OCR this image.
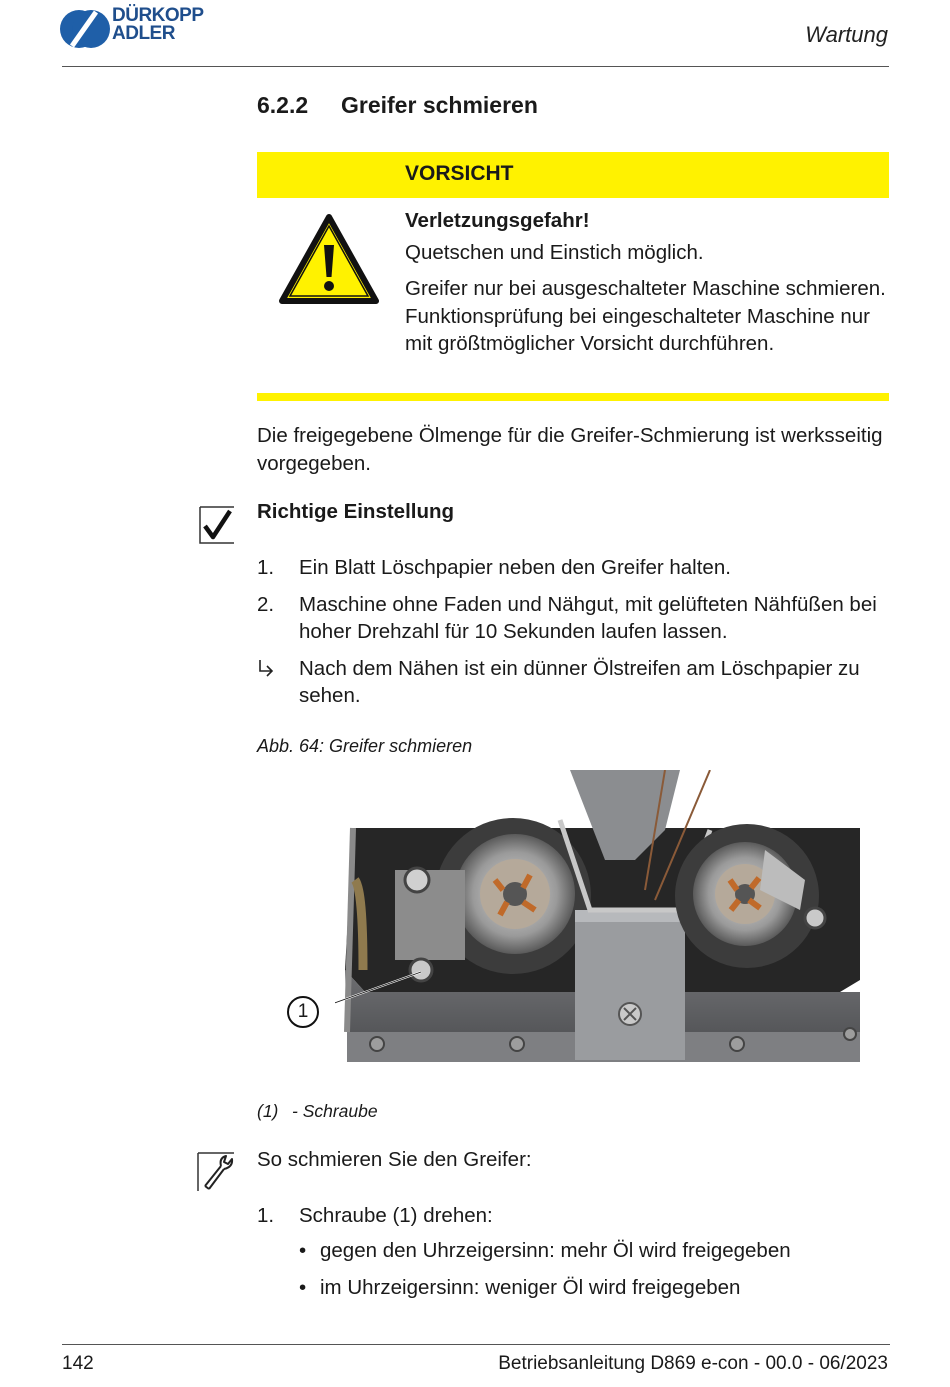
DÜRKOPP
ADLER	Wartung
6.2.2 Greifer schmieren
VORSICHT

Verletzungsgefahr!

Quetschen und Einstich möglich.

Greifer nur bei ausgeschalteter Maschine schmieren. Funktionsprüfung bei eingeschalteter Maschine nur mit größtmöglicher Vorsicht durchführen.

Die freigegebene Ölmenge für die Greifer-Schmierung ist werksseitig vorgegeben.
Richtige Einstellung
1. Ein Blatt Löschpapier neben den Greifer halten.
2. Maschine ohne Faden und Nähgut, mit gelüfteten Nähfüßen bei hoher Drehzahl für 10 Sekunden laufen lassen.
Nach dem Nähen ist ein dünner Ölstreifen am Löschpapier zu sehen.
Abb. 64: Greifer schmieren
1
(1) - Schraube
So schmieren Sie den Greifer:
1. Schraube (1) drehen:
• gegen den Uhrzeigersinn: mehr Öl wird freigegeben
• im Uhrzeigersinn: weniger Öl wird freigegeben
142	Betriebsanleitung D869 e-con - 00.0 - 06/2023
